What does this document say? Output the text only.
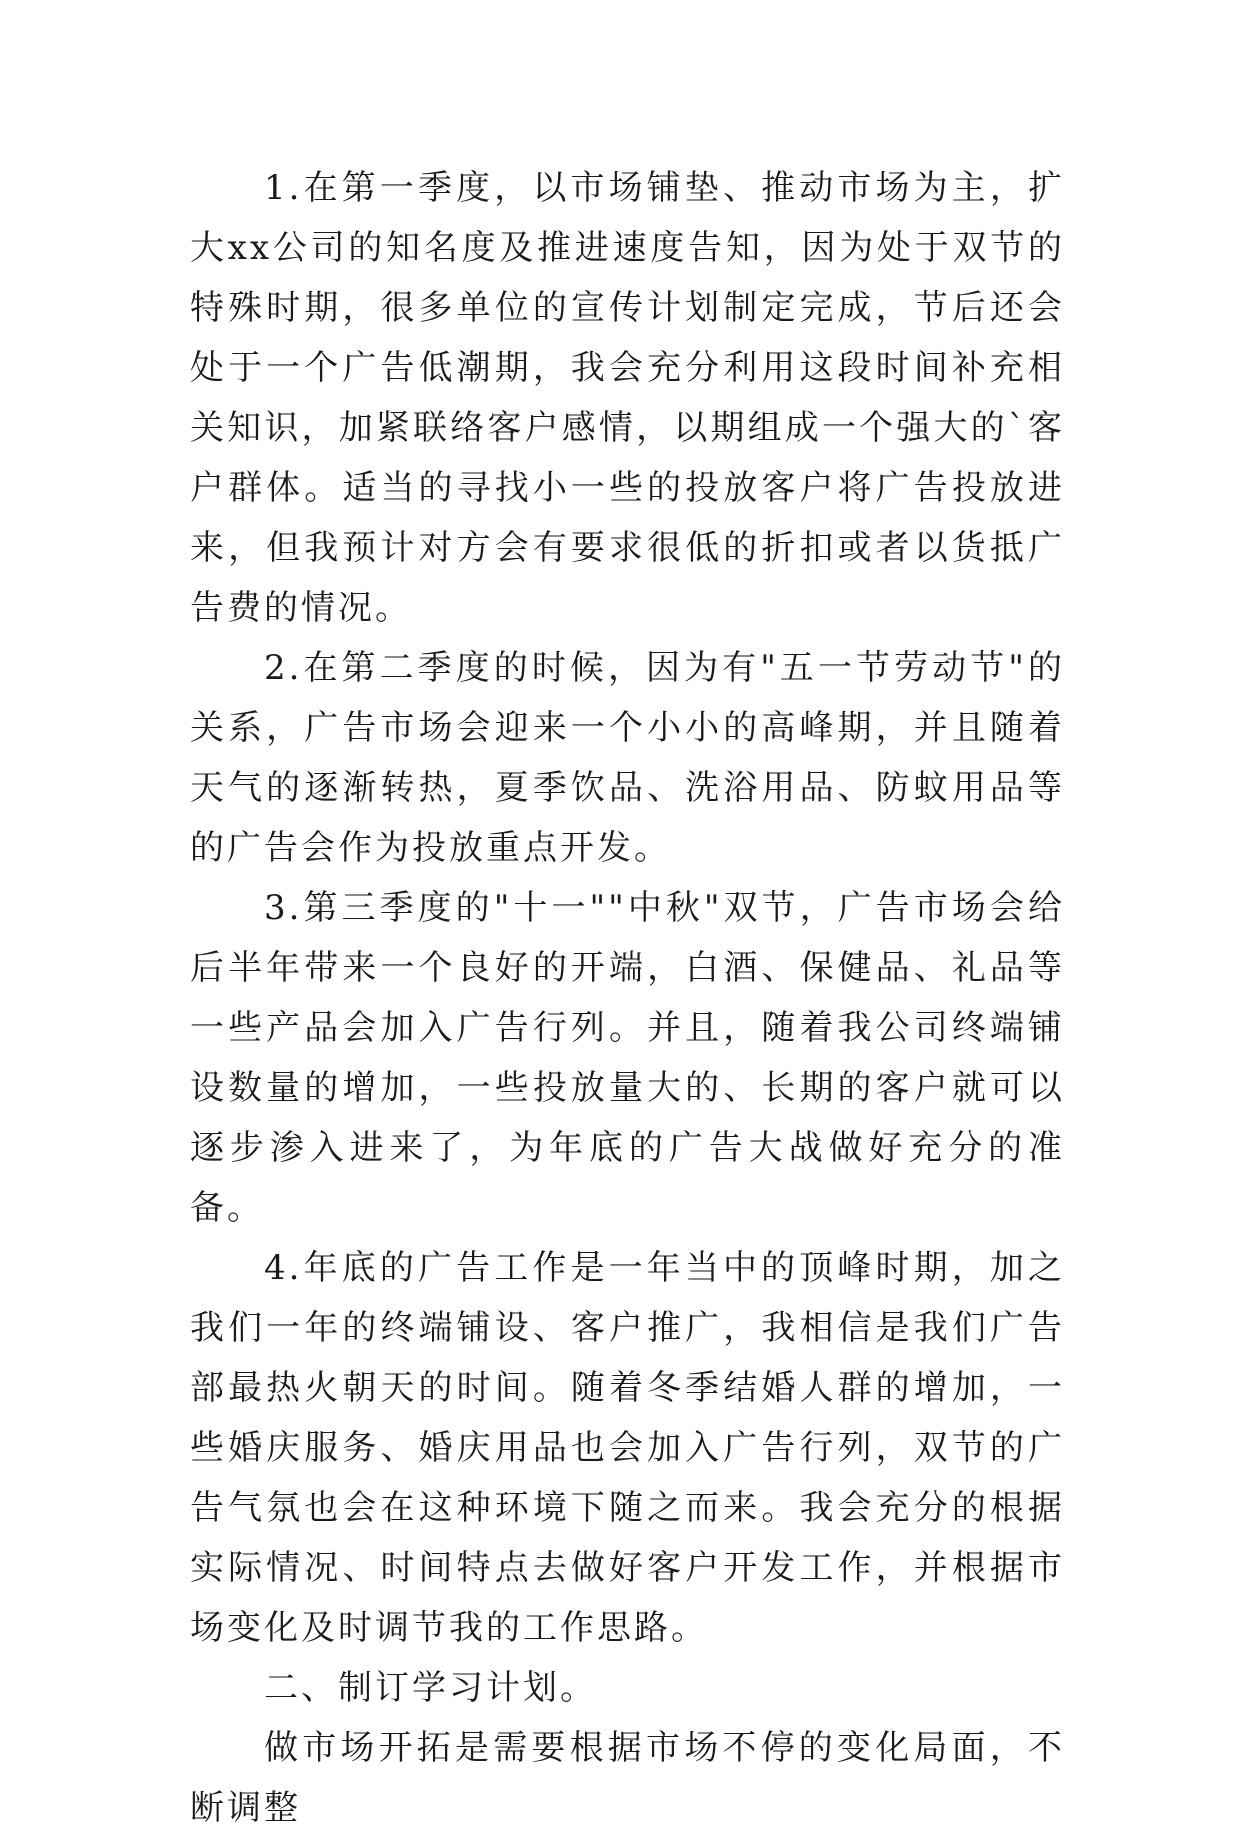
1.在第一季度，以市场铺垫、推动市场为主，扩大xx公司的知名度及推进速度告知，因为处于双节的特殊时期，很多单位的宣传计划制定完成，节后还会处于一个广告低潮期，我会充分利用这段时间补充相关知识，加紧联络客户感情，以期组成一个强大的`客户群体。适当的寻找小一些的投放客户将广告投放进来，但我预计对方会有要求很低的折扣或者以货抵广告费的情况。

2.在第二季度的时候，因为有"五一节劳动节"的关系，广告市场会迎来一个小小的高峰期，并且随着天气的逐渐转热，夏季饮品、洗浴用品、防蚊用品等的广告会作为投放重点开发。

3.第三季度的"十一""中秋"双节，广告市场会给后半年带来一个良好的开端，白酒、保健品、礼品等一些产品会加入广告行列。并且，随着我公司终端铺设数量的增加，一些投放量大的、长期的客户就可以逐步渗入进来了，为年底的广告大战做好充分的准备。

4.年底的广告工作是一年当中的顶峰时期，加之我们一年的终端铺设、客户推广，我相信是我们广告部最热火朝天的时间。随着冬季结婚人群的增加，一些婚庆服务、婚庆用品也会加入广告行列，双节的广告气氛也会在这种环境下随之而来。我会充分的根据实际情况、时间特点去做好客户开发工作，并根据市场变化及时调节我的工作思路。

二、制订学习计划。

做市场开拓是需要根据市场不停的变化局面，不断调整
